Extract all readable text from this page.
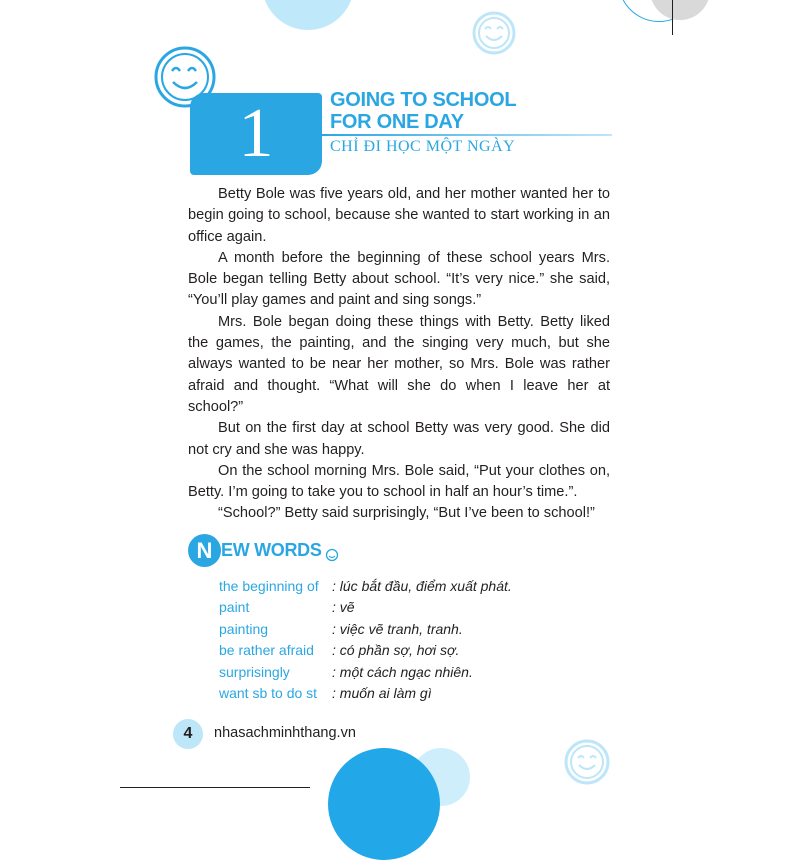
1	GOING TO SCHOOL
FOR ONE DAY
CHỈ ĐI HỌC MỘT NGÀY

Betty Bole was five years old, and her mother wanted her to begin going to school, because she wanted to start working in an office again.

A month before the beginning of these school years Mrs. Bole began telling Betty about school. “It’s very nice.” she said, “You’ll play games and paint and sing songs.”

Mrs. Bole began doing these things with Betty. Betty liked the games, the painting, and the singing very much, but she always wanted to be near her mother, so Mrs. Bole was rather afraid and thought. “What will she do when I leave her at school?”

But on the first day at school Betty was very good. She did not cry and she was happy.

On the school morning Mrs. Bole said, “Put your clothes on, Betty. I’m going to take you to school in half an hour’s time.”.

“School?” Betty said surprisingly, “But I’ve been to school!”

N EW WORDS
the beginning of : lúc bắt đầu, điểm xuất phát.
paint	: vẽ
painting	: việc vẽ tranh, tranh.
be rather afraid : có phần sợ, hơi sợ.
surprisingly	: một cách ngạc nhiên.
want sb to do st : muốn ai làm gì
4	nhasachminhthang.vn
